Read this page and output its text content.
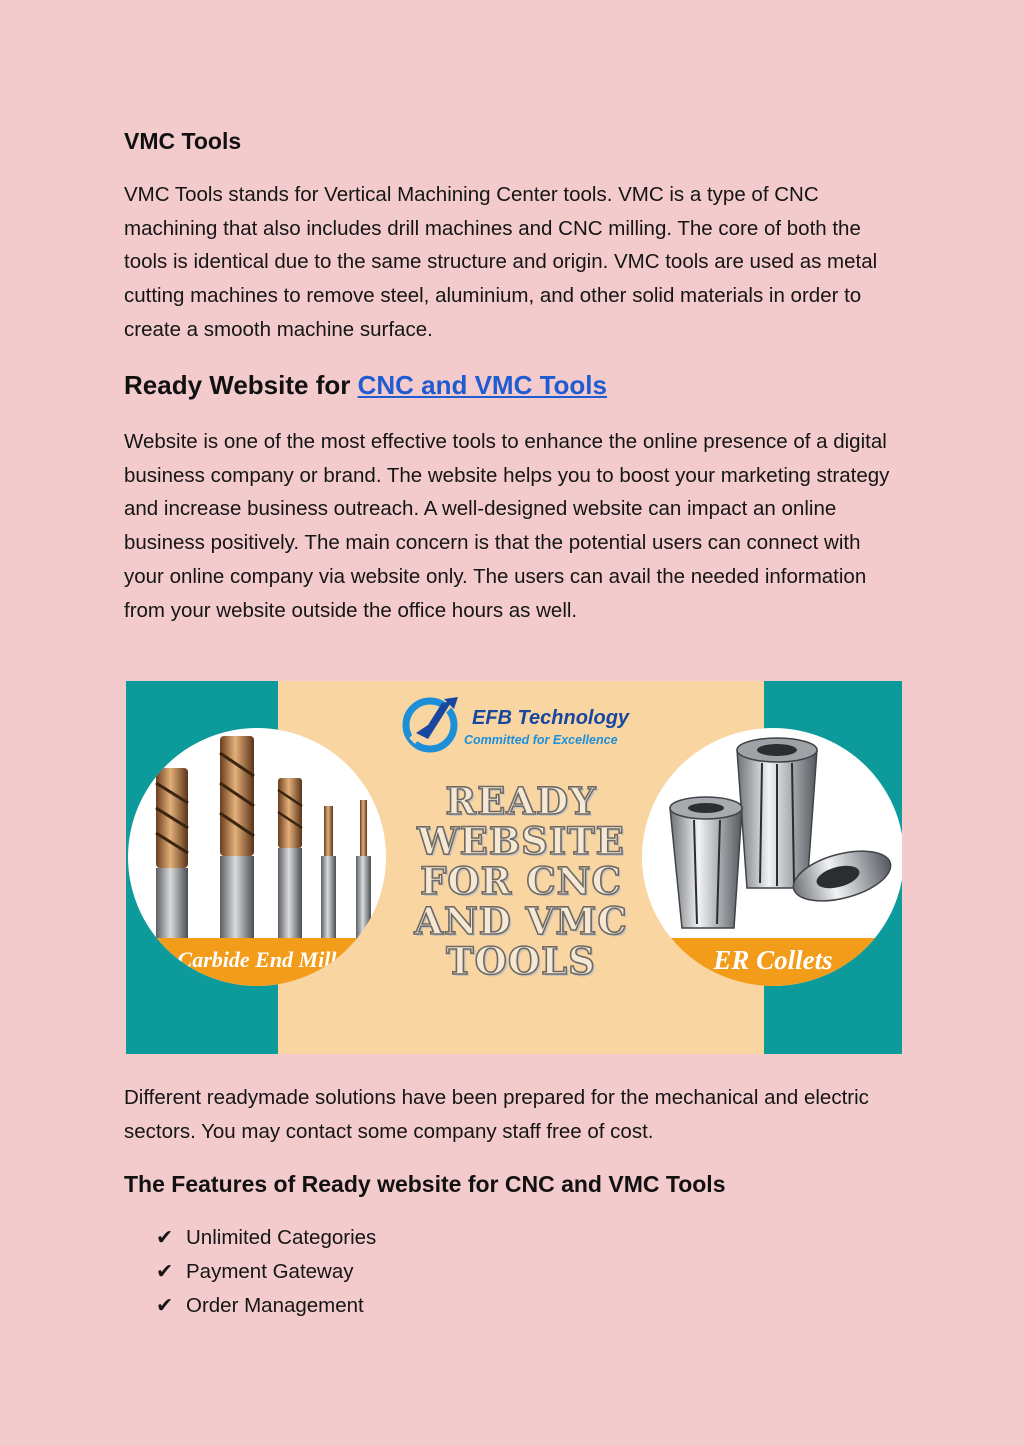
VMC Tools

VMC Tools stands for Vertical Machining Center tools. VMC is a type of CNC machining that also includes drill machines and CNC milling. The core of both the tools is identical due to the same structure and origin. VMC tools are used as metal cutting machines to remove steel, aluminium, and other solid materials in order to create a smooth machine surface.

Ready Website for CNC and VMC Tools

Website is one of the most effective tools to enhance the online presence of a digital business company or brand. The website helps you to boost your marketing strategy and increase business outreach. A well-designed website can impact an online business positively. The main concern is that the potential users can connect with your online company via website only. The users can avail the needed information from your website outside the office hours as well.

Different readymade solutions have been prepared for the mechanical and electric sectors. You may contact some company staff free of cost.

The Features of Ready website for CNC and VMC Tools
✔ Unlimited Categories
✔ Payment Gateway
✔ Order Management
Carbide End Mill	ER Collets
EFB Technology
Committed for Excellence
READY
WEBSITE
FOR CNC
AND VMC
TOOLS
